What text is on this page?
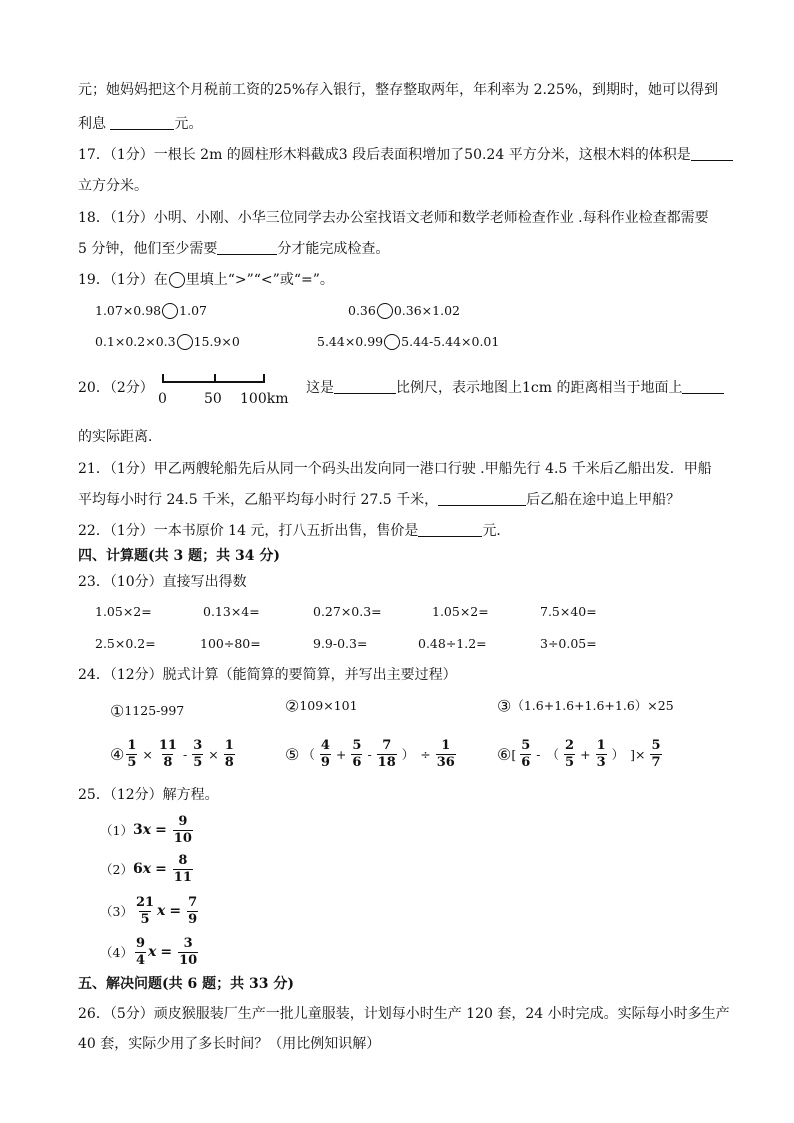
元；她妈妈把这个月税前工资的25%存入银行，整存整取两年，年利率为 2.25%，到期时，她可以得到
利息	元。
17．（1分）一根长 2m 的圆柱形木料截成3 段后表面积增加了50.24 平方分米，这根木料的体积是
立方分米。
18．（1分）小明、小刚、小华三位同学去办公室找语文老师和数学老师检查作业 .每科作业检查都需要
5 分钟，他们至少需要	分才能完成检查。
19．（1分）在 里填上“>”“<”或“=”。
1.07×0.98 1.07	0.36 0.36×1.02
0.1×0.2×0.3 15.9×0	5.44×0.99 5.44-5.44×0.01
20．（2分）
0	50 100km
这是	比例尺，表示地图上1cm 的距离相当于地面上
的实际距离．
21．（1分）甲乙两艘轮船先后从同一个码头出发向同一港口行驶 .甲船先行 4.5 千米后乙船出发．甲船
平均每小时行 24.5 千米，乙船平均每小时行 27.5 千米，	后乙船在途中追上甲船？
22．（1分）一本书原价 14 元，打八五折出售，售价是	元．
四、计算题(共 3 题；共 34 分)
23．（10分）直接写出得数
1.05×2=	0.13×4=	0.27×0.3=	1.05×2=	7.5×40=
2.5×0.2=	100÷80=	9.9-0.3=	0.48÷1.2=	3÷0.05=
24．（12分）脱式计算（能简算的要简算，并写出主要过程）
①1125-997	②109×101	③（1.6+1.6+1.6+1.6）×25
④ $\frac{1}{5} \times \frac{11}{8} - \frac{3}{5} \times \frac{1}{8}$	⑤ （ $\frac{4}{9} + \frac{5}{6} - \frac{7}{18}$ ） ÷ $\frac{1}{36}$	⑥ [ $\frac{5}{6}$ - （ $\frac{2}{5} + \frac{1}{3}$ ） ]× $\frac{5}{7}$
25．（12分）解方程。
（1） 3 $x = \frac{9}{10}$
（2） 6 $x = \frac{8}{11}$
$(3) \frac{21}{5}$ $x = \frac{7}{9}$
$(4) \frac{9}{4}$ $x = \frac{3}{10}$
五、解决问题(共 6 题；共 33 分)
26．（5分）顽皮猴服装厂生产一批儿童服装，计划每小时生产 120 套，24 小时完成。实际每小时多生产
40 套，实际少用了多长时间？（用比例知识解）
